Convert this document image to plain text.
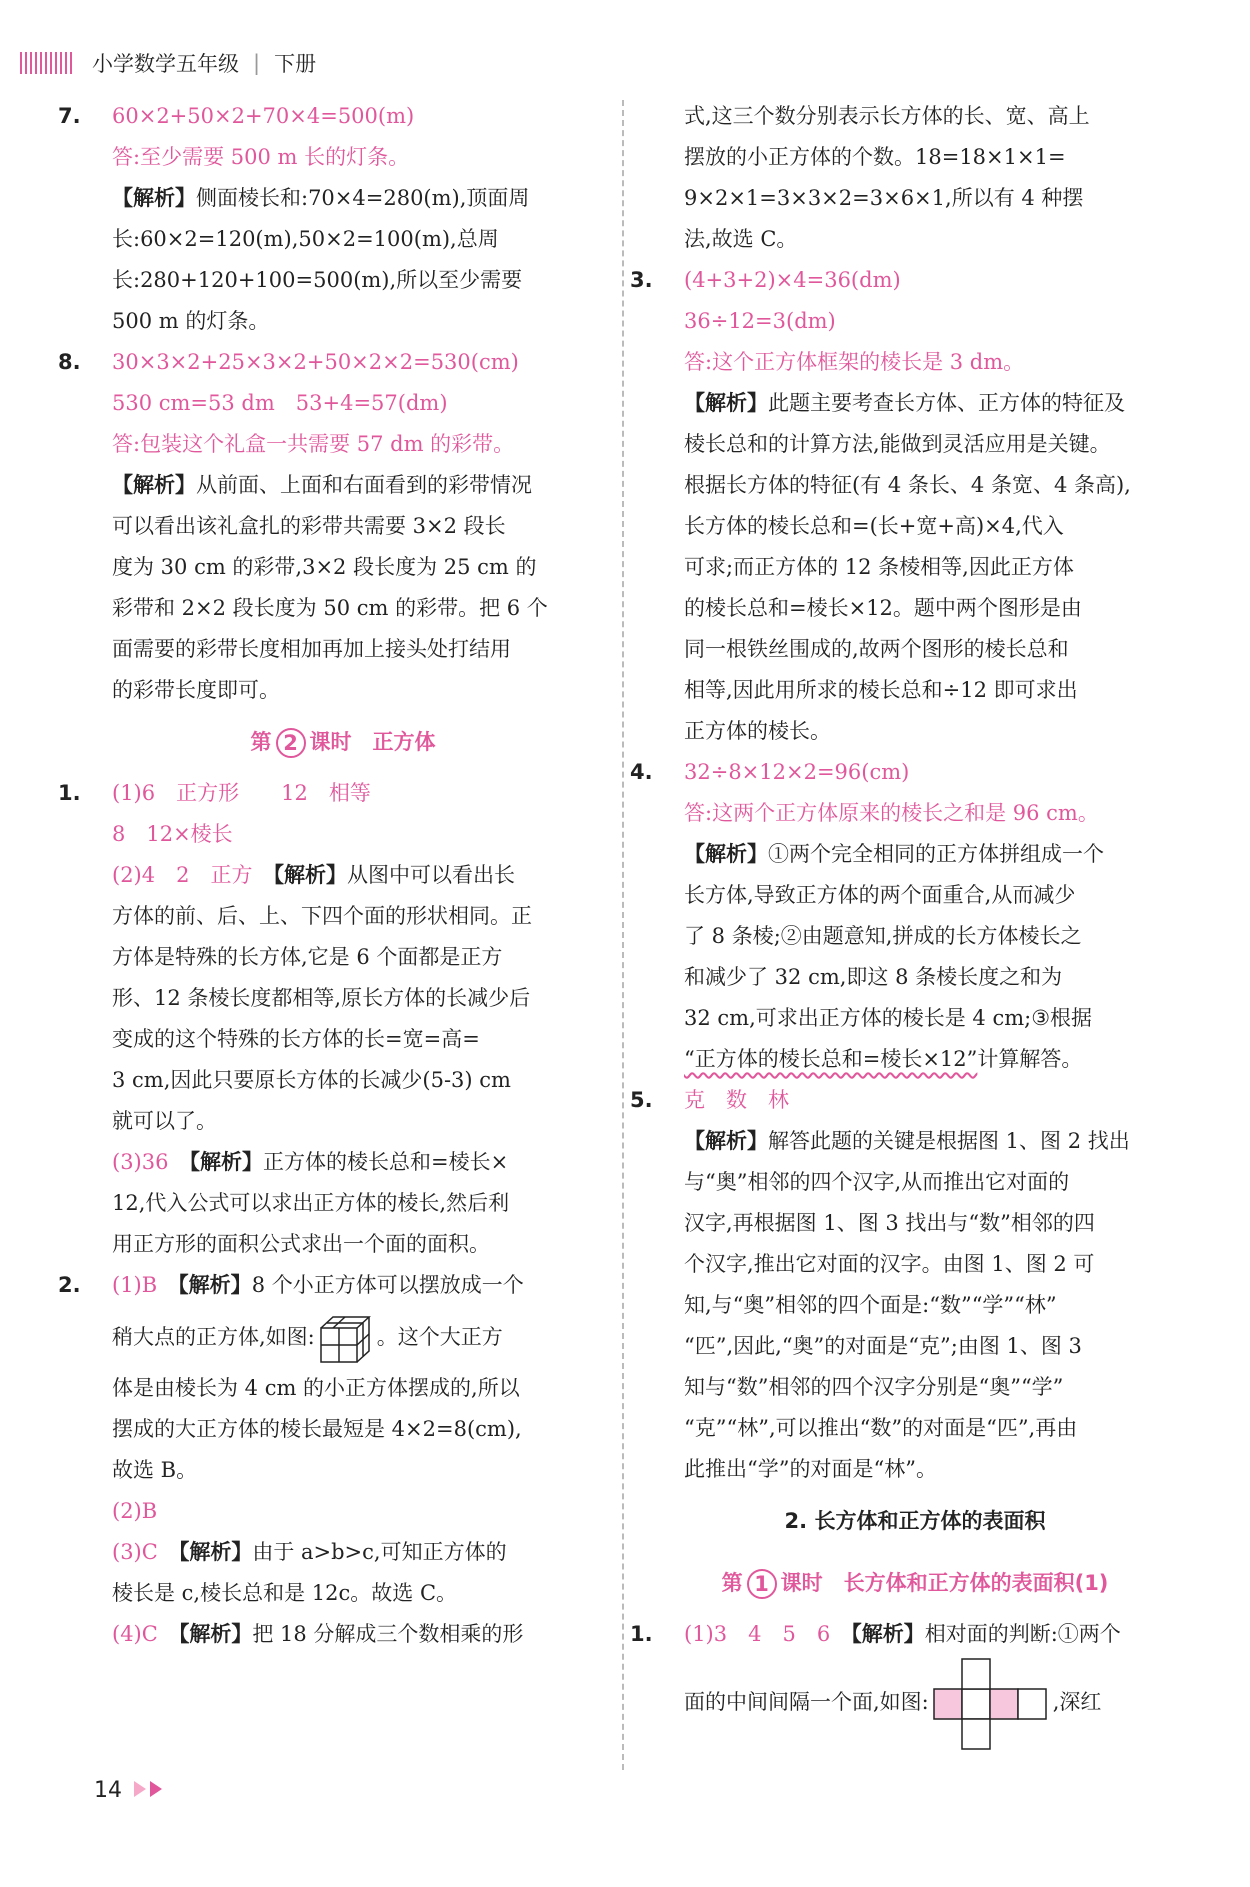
小学数学五年级 | 下册
7. 60×2+50×2+70×4=500(m)
答:至少需要 500 m 长的灯条。
【解析】侧面棱长和:70×4=280(m),顶面周
长:60×2=120(m),50×2=100(m),总周
长:280+120+100=500(m),所以至少需要
500 m 的灯条。
8. 30×3×2+25×3×2+50×2×2=530(cm)
530 cm=53 dm　53+4=57(dm)
答:包装这个礼盒一共需要 57 dm 的彩带。
【解析】从前面、上面和右面看到的彩带情况
可以看出该礼盒扎的彩带共需要 3×2 段长
度为 30 cm 的彩带,3×2 段长度为 25 cm 的
彩带和 2×2 段长度为 50 cm 的彩带。把 6 个
面需要的彩带长度相加再加上接头处打结用
的彩带长度即可。
第 2 课时　正方体
1. (1)6　正方形　　12　相等
8　12×棱长
(2)4　2　正方　【解析】从图中可以看出长
方体的前、后、上、下四个面的形状相同。正
方体是特殊的长方体,它是 6 个面都是正方
形、12 条棱长度都相等,原长方体的长减少后
变成的这个特殊的长方体的长=宽=高=
3 cm,因此只要原长方体的长减少(5-3) cm
就可以了。
(3)36　【解析】正方体的棱长总和=棱长×
12,代入公式可以求出正方体的棱长,然后利
用正方形的面积公式求出一个面的面积。
2. (1)B　【解析】8 个小正方体可以摆放成一个
稍大点的正方体,如图:	。这个大正方
体是由棱长为 4 cm 的小正方体摆成的,所以
摆成的大正方体的棱长最短是 4×2=8(cm),
故选 B。
(2)B
(3)C　【解析】由于 a>b>c,可知正方体的
棱长是 c,棱长总和是 12c。故选 C。
(4)C　【解析】把 18 分解成三个数相乘的形
式,这三个数分别表示长方体的长、宽、高上
摆放的小正方体的个数。18=18×1×1=
9×2×1=3×3×2=3×6×1,所以有 4 种摆
法,故选 C。
3. (4+3+2)×4=36(dm)
36÷12=3(dm)
答:这个正方体框架的棱长是 3 dm。
【解析】此题主要考查长方体、正方体的特征及
棱长总和的计算方法,能做到灵活应用是关键。
根据长方体的特征(有 4 条长、4 条宽、4 条高),
长方体的棱长总和=(长+宽+高)×4,代入
可求;而正方体的 12 条棱相等,因此正方体
的棱长总和=棱长×12。题中两个图形是由
同一根铁丝围成的,故两个图形的棱长总和
相等,因此用所求的棱长总和÷12 即可求出
正方体的棱长。
4. 32÷8×12×2=96(cm)
答:这两个正方体原来的棱长之和是 96 cm。
【解析】①两个完全相同的正方体拼组成一个
长方体,导致正方体的两个面重合,从而减少
了 8 条棱;②由题意知,拼成的长方体棱长之
和减少了 32 cm,即这 8 条棱长度之和为
32 cm,可求出正方体的棱长是 4 cm;③根据
“正方体的棱长总和=棱长×12”计算解答。
5. 克　数　林
【解析】解答此题的关键是根据图 1、图 2 找出
与“奥”相邻的四个汉字,从而推出它对面的
汉字,再根据图 1、图 3 找出与“数”相邻的四
个汉字,推出它对面的汉字。由图 1、图 2 可
知,与“奥”相邻的四个面是:“数”“学”“林”
“匹”,因此,“奥”的对面是“克”;由图 1、图 3
知与“数”相邻的四个汉字分别是“奥”“学”
“克”“林”,可以推出“数”的对面是“匹”,再由
此推出“学”的对面是“林”。
2. 长方体和正方体的表面积
第 1 课时　长方体和正方体的表面积(1)
1. (1)3　4　5　6　【解析】相对面的判断:①两个
面的中间间隔一个面,如图:	,深红
14
